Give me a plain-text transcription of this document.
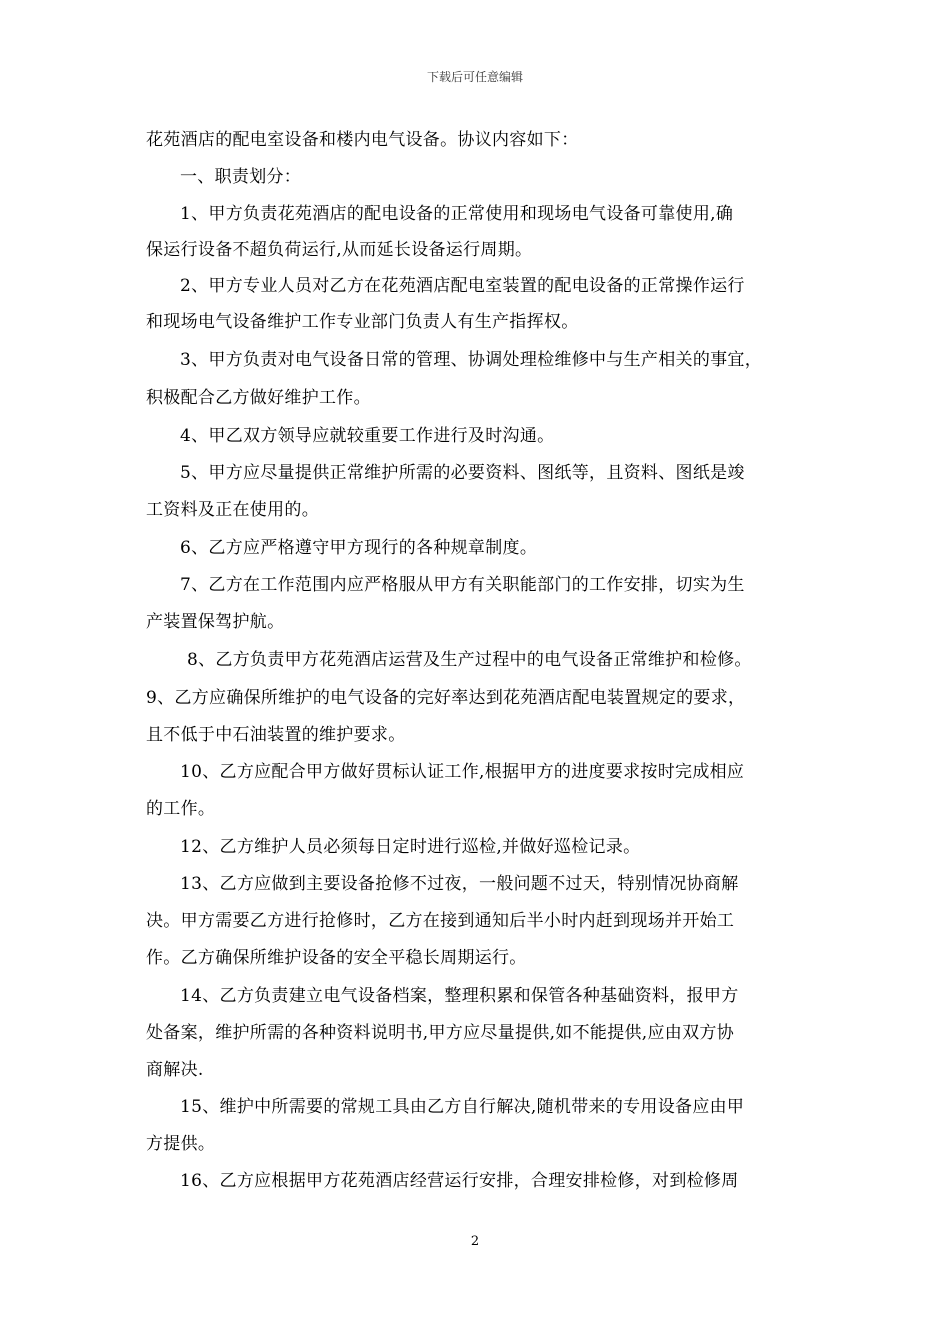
下载后可任意编辑
花苑酒店的配电室设备和楼内电气设备。协议内容如下：
一、职责划分：
1、甲方负责花苑酒店的配电设备的正常使用和现场电气设备可靠使用,确
保运行设备不超负荷运行,从而延长设备运行周期。
2、甲方专业人员对乙方在花苑酒店配电室装置的配电设备的正常操作运行
和现场电气设备维护工作专业部门负责人有生产指挥权。
3、甲方负责对电气设备日常的管理、协调处理检维修中与生产相关的事宜，
积极配合乙方做好维护工作。
4、甲乙双方领导应就较重要工作进行及时沟通。
5、甲方应尽量提供正常维护所需的必要资料、图纸等，且资料、图纸是竣
工资料及正在使用的。
6、乙方应严格遵守甲方现行的各种规章制度。
7、乙方在工作范围内应严格服从甲方有关职能部门的工作安排，切实为生
产装置保驾护航。
8、乙方负责甲方花苑酒店运营及生产过程中的电气设备正常维护和检修。
9、乙方应确保所维护的电气设备的完好率达到花苑酒店配电装置规定的要求，
且不低于中石油装置的维护要求。
10、乙方应配合甲方做好贯标认证工作,根据甲方的进度要求按时完成相应
的工作。
12、乙方维护人员必须每日定时进行巡检,并做好巡检记录。
13、乙方应做到主要设备抢修不过夜，一般问题不过天，特别情况协商解
决。甲方需要乙方进行抢修时，乙方在接到通知后半小时内赶到现场并开始工
作。乙方确保所维护设备的安全平稳长周期运行。
14、乙方负责建立电气设备档案，整理积累和保管各种基础资料，报甲方
处备案，维护所需的各种资料说明书,甲方应尽量提供,如不能提供,应由双方协
商解决.
15、维护中所需要的常规工具由乙方自行解决,随机带来的专用设备应由甲
方提供。
16、乙方应根据甲方花苑酒店经营运行安排，合理安排检修，对到检修周
2
